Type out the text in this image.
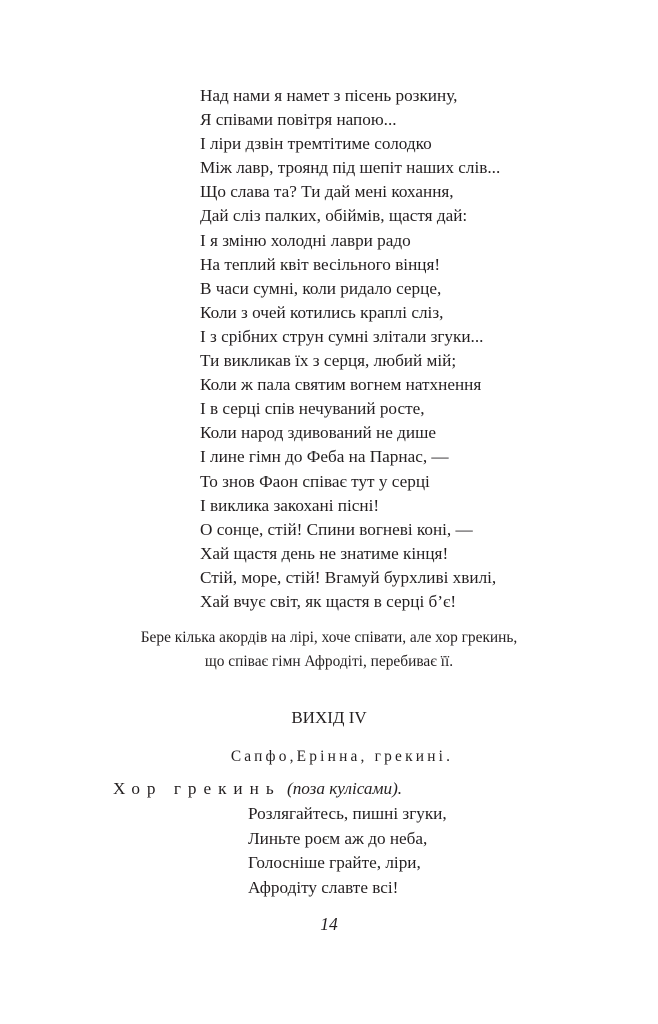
Над нами я намет з пісень розкину,
Я співами повітря напою...
І ліри дзвін тремтітиме солодко
Між лавр, троянд під шепіт наших слів...
Що слава та? Ти дай мені кохання,
Дай сліз палких, обіймів, щастя дай:
І я зміню холодні лаври радо
На теплий квіт весільного вінця!
В часи сумні, коли ридало серце,
Коли з очей котились краплі сліз,
І з срібних струн сумні злітали згуки...
Ти викликав їх з серця, любий мій;
Коли ж пала святим вогнем натхнення
І в серці спів нечуваний росте,
Коли народ здивований не дише
І лине гімн до Феба на Парнас, —
То знов Фаон співає тут у серці
І виклика закохані пісні!
О сонце, стій! Спини вогневі коні, —
Хай щастя день не знатиме кінця!
Стій, море, стій! Вгамуй бурхливі хвилі,
Хай вчує світ, як щастя в серці б’є!
Бере кілька акордів на лірі, хоче співати, але хор грекинь,
що співає гімн Афродіті, перебиває її.
ВИХІД IV
Сапфо,Ерінна, грекині.
Хор грекинь (поза кулісами).
Розлягайтесь, пишні згуки,
Линьте роєм аж до неба,
Голосніше грайте, ліри,
Афродіту славте всі!
14
